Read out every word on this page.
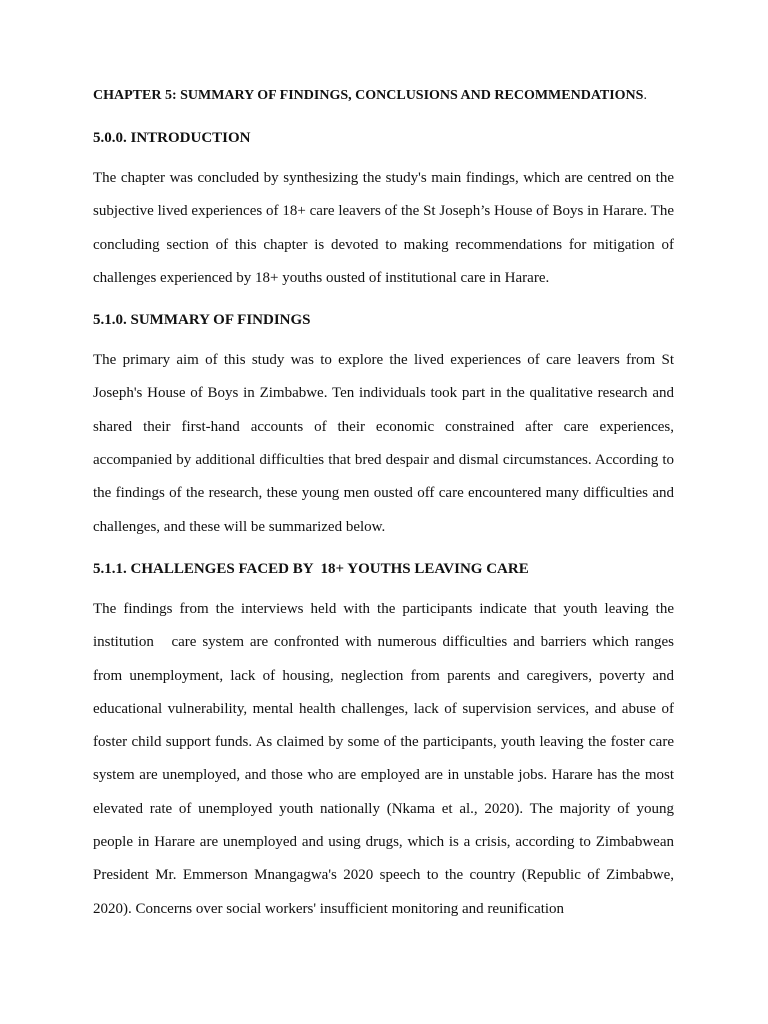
CHAPTER 5: SUMMARY OF FINDINGS, CONCLUSIONS AND RECOMMENDATIONS.

5.0.0. INTRODUCTION

The chapter was concluded by synthesizing the study's main findings, which are centred on the subjective lived experiences of 18+ care leavers of the St Joseph’s House of Boys in Harare. The concluding section of this chapter is devoted to making recommendations for mitigation of challenges experienced by 18+ youths ousted of institutional care in Harare.

5.1.0. SUMMARY OF FINDINGS

The primary aim of this study was to explore the lived experiences of care leavers from St Joseph's House of Boys in Zimbabwe. Ten individuals took part in the qualitative research and shared their first-hand accounts of their economic constrained after care experiences, accompanied by additional difficulties that bred despair and dismal circumstances. According to the findings of the research, these young men ousted off care encountered many difficulties and challenges, and these will be summarized below.

5.1.1. CHALLENGES FACED BY  18+ YOUTHS LEAVING CARE

The findings from the interviews held with the participants indicate that youth leaving the institution   care system are confronted with numerous difficulties and barriers which ranges from unemployment, lack of housing, neglection from parents and caregivers, poverty and educational vulnerability, mental health challenges, lack of supervision services, and abuse of foster child support funds. As claimed by some of the participants, youth leaving the foster care system are unemployed, and those who are employed are in unstable jobs. Harare has the most elevated rate of unemployed youth nationally (Nkama et al., 2020). The majority of young people in Harare are unemployed and using drugs, which is a crisis, according to Zimbabwean President Mr. Emmerson Mnangagwa's 2020 speech to the country (Republic of Zimbabwe, 2020). Concerns over social workers' insufficient monitoring and reunification
